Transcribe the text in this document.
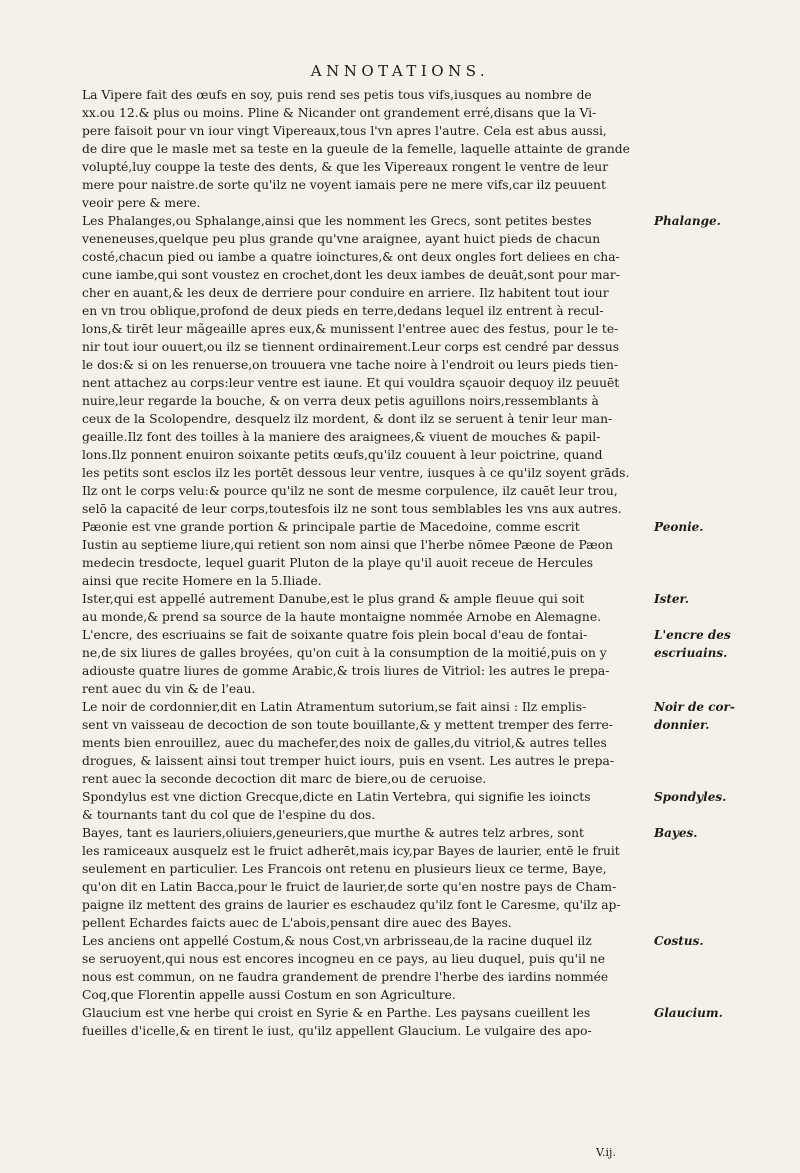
ANNOTATIONS.
La Vipere fait des œufs en soy, puis rend ses petis tous vifs,iusques au nombre de
xx.ou 12.& plus ou moins. Pline & Nicander ont grandement erré,disans que la Vi-
pere faisoit pour vn iour vingt Vipereaux,tous l'vn apres l'autre. Cela est abus aussi,
de dire que le masle met sa teste en la gueule de la femelle, laquelle attainte de grande
volupté,luy couppe la teste des dents, & que les Vipereaux rongent le ventre de leur
mere pour naistre.de sorte qu'ilz ne voyent iamais pere ne mere vifs,car ilz peuuent
veoir pere & mere.
Les Phalanges,ou Sphalange,ainsi que les nomment les Grecs, sont petites bestes
veneneuses,quelque peu plus grande qu'vne araignee, ayant huict pieds de chacun
costé,chacun pied ou iambe a quatre ioinctures,& ont deux ongles fort deliees en cha-
cune iambe,qui sont voustez en crochet,dont les deux iambes de deuāt,sont pour mar-
cher en auant,& les deux de derriere pour conduire en arriere. Ilz habitent tout iour
en vn trou oblique,profond de deux pieds en terre,dedans lequel ilz entrent à recul-
lons,& tirēt leur mãgeaille apres eux,& munissent l'entree auec des festus, pour le te-
nir tout iour ouuert,ou ilz se tiennent ordinairement.Leur corps est cendré par dessus
le dos:& si on les renuerse,on trouuera vne tache noire à l'endroit ou leurs pieds tien-
nent attachez au corps:leur ventre est iaune. Et qui vouldra sçauoir dequoy ilz peuuēt
nuire,leur regarde la bouche, & on verra deux petis aguillons noirs,ressemblants à
ceux de la Scolopendre, desquelz ilz mordent, & dont ilz se seruent à tenir leur man-
geaille.Ilz font des toilles à la maniere des araignees,& viuent de mouches & papil-
lons.Ilz ponnent enuiron soixante petits œufs,qu'ilz couuent à leur poictrine, quand
les petits sont esclos ilz les portēt dessous leur ventre, iusques à ce qu'ilz soyent grāds.
Ilz ont le corps velu:& pource qu'ilz ne sont de mesme corpulence, ilz cauēt leur trou,
selō la capacité de leur corps,toutesfois ilz ne sont tous semblables les vns aux autres.
Pæonie est vne grande portion & principale partie de Macedoine, comme escrit
Iustin au septieme liure,qui retient son nom ainsi que l'herbe nōmee Pæone de Pæon
medecin tresdocte, lequel guarit Pluton de la playe qu'il auoit receue de Hercules
ainsi que recite Homere en la 5.Iliade.
Ister,qui est appellé autrement Danube,est le plus grand & ample fleuue qui soit
au monde,& prend sa source de la haute montaigne nommée Arnobe en Alemagne.
L'encre, des escriuains se fait de soixante quatre fois plein bocal d'eau de fontai-
ne,de six liures de galles broyées, qu'on cuit à la consumption de la moitié,puis on y
adiouste quatre liures de gomme Arabic,& trois liures de Vitriol: les autres le prepa-
rent auec du vin & de l'eau.
Le noir de cordonnier,dit en Latin Atramentum sutorium,se fait ainsi : Ilz emplis-
sent vn vaisseau de decoction de son toute bouillante,& y mettent tremper des ferre-
ments bien enrouillez, auec du machefer,des noix de galles,du vitriol,& autres telles
drogues, & laissent ainsi tout tremper huict iours, puis en vsent. Les autres le prepa-
rent auec la seconde decoction dit marc de biere,ou de ceruoise.
Spondylus est vne diction Grecque,dicte en Latin Vertebra, qui signifie les ioincts
& tournants tant du col que de l'espine du dos.
Bayes, tant es lauriers,oliuiers,geneuriers,que murthe & autres telz arbres, sont
les ramiceaux ausquelz est le fruict adherēt,mais icy,par Bayes de laurier, entē le fruit
seulement en particulier. Les Francois ont retenu en plusieurs lieux ce terme, Baye,
qu'on dit en Latin Bacca,pour le fruict de laurier,de sorte qu'en nostre pays de Cham-
paigne ilz mettent des grains de laurier es eschaudez qu'ilz font le Caresme, qu'ilz ap-
pellent Echardes faicts auec de L'abois,pensant dire auec des Bayes.
Les anciens ont appellé Costum,& nous Cost,vn arbrisseau,de la racine duquel ilz
se seruoyent,qui nous est encores incogneu en ce pays, au lieu duquel, puis qu'il ne
nous est commun, on ne faudra grandement de prendre l'herbe des iardins nommée
Coq,que Florentin appelle aussi Costum en son Agriculture.
Glaucium est vne herbe qui croist en Syrie & en Parthe. Les paysans cueillent les
fueilles d'icelle,& en tirent le iust, qu'ilz appellent Glaucium. Le vulgaire des apo-
Phalange.
Peonie.
Ister.
L'encre des
escriuains.
Noir de cor-
donnier.
Spondyles.
Bayes.
Costus.
Glaucium.
V.ij.
